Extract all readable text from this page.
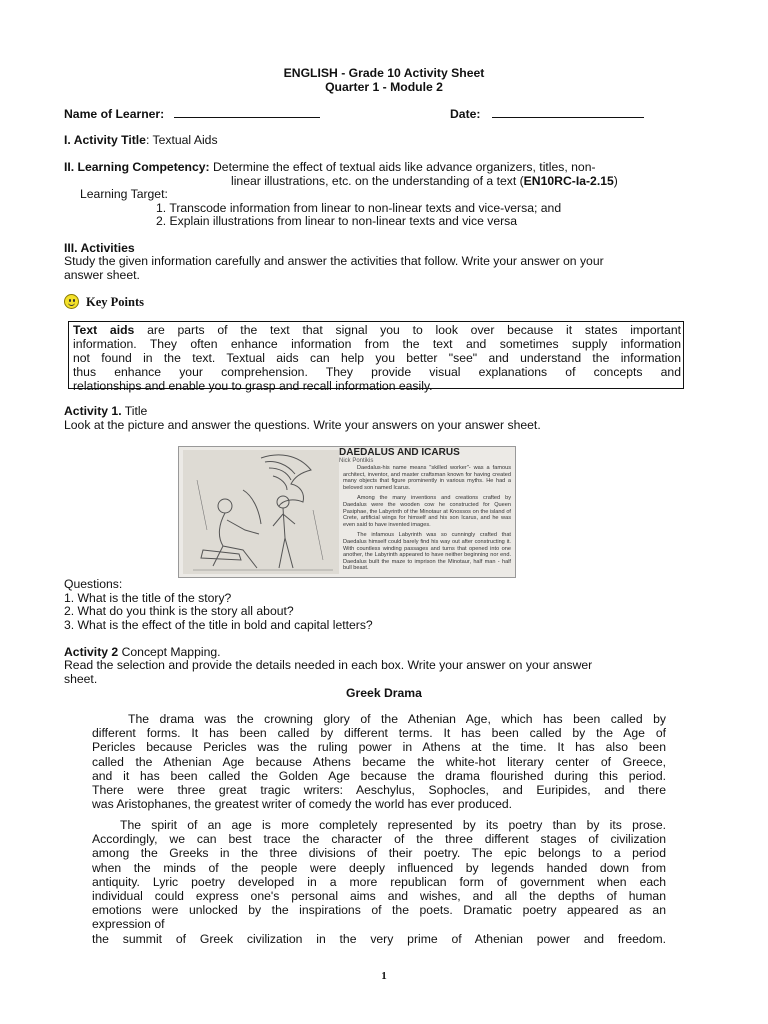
ENGLISH - Grade 10 Activity Sheet
Quarter 1 - Module 2
Name of Learner:	Date:
I. Activity Title: Textual Aids
II. Learning Competency: Determine the effect of textual aids like advance organizers, titles, non-
linear illustrations, etc. on the understanding of a text (EN10RC-Ia-2.15)
Learning Target:
1. Transcode information from linear to non-linear texts and vice-versa; and
2. Explain illustrations from linear to non-linear texts and vice versa
III. Activities
Study the given information carefully and answer the activities that follow. Write your answer on your
answer sheet.
Key Points
Text aids are parts of the text that signal you to look over because it states important
information. They often enhance information from the text and sometimes supply information
not found in the text. Textual aids can help you better "see" and understand the information
thus enhance your comprehension. They provide visual explanations of concepts and
relationships and enable you to grasp and recall information easily.
Activity 1. Title
Look at the picture and answer the questions. Write your answers on your answer sheet.
DAEDALUS AND ICARUS
Nick Pontikis

Daedalus-his name means "skilled worker"- was a famous architect, inventor, and master craftsman known for having created many objects that figure prominently in various myths. He had a beloved son named Icarus.

Among the many inventions and creations crafted by Daedalus were the wooden cow he constructed for Queen Pasiphae, the Labyrinth of the Minotaur at Knossos on the island of Crete, artificial wings for himself and his son Icarus, and he was even said to have invented images.

The infamous Labyrinth was so cunningly crafted that Daedalus himself could barely find his way out after constructing it. With countless winding passages and turns that opened into one another, the Labyrinth appeared to have neither beginning nor end. Daedalus built the maze to imprison the Minotaur, half man - half bull beast.

Questions:
1. What is the title of the story?
2. What do you think is the story all about?
3. What is the effect of the title in bold and capital letters?
Activity 2 Concept Mapping.
Read the selection and provide the details needed in each box. Write your answer on your answer
sheet.
Greek Drama
The drama was the crowning glory of the Athenian Age, which has been called by
different forms. It has been called by different terms. It has been called by the Age of
Pericles because Pericles was the ruling power in Athens at the time. It has also been
called the Athenian Age because Athens became the white-hot literary center of Greece,
and it has been called the Golden Age because the drama flourished during this period.
There were three great tragic writers: Aeschylus, Sophocles, and Euripides, and there
was Aristophanes, the greatest writer of comedy the world has ever produced.
The spirit of an age is more completely represented by its poetry than by its prose.
Accordingly, we can best trace the character of the three different stages of civilization
among the Greeks in the three divisions of their poetry. The epic belongs to a period
when the minds of the people were deeply influenced by legends handed down from
antiquity. Lyric poetry developed in a more republican form of government when each
individual could express one's personal aims and wishes, and all the depths of human
emotions were unlocked by the inspirations of the poets. Dramatic poetry appeared as an
expression of
the summit of Greek civilization in the very prime of Athenian power and freedom.
1
